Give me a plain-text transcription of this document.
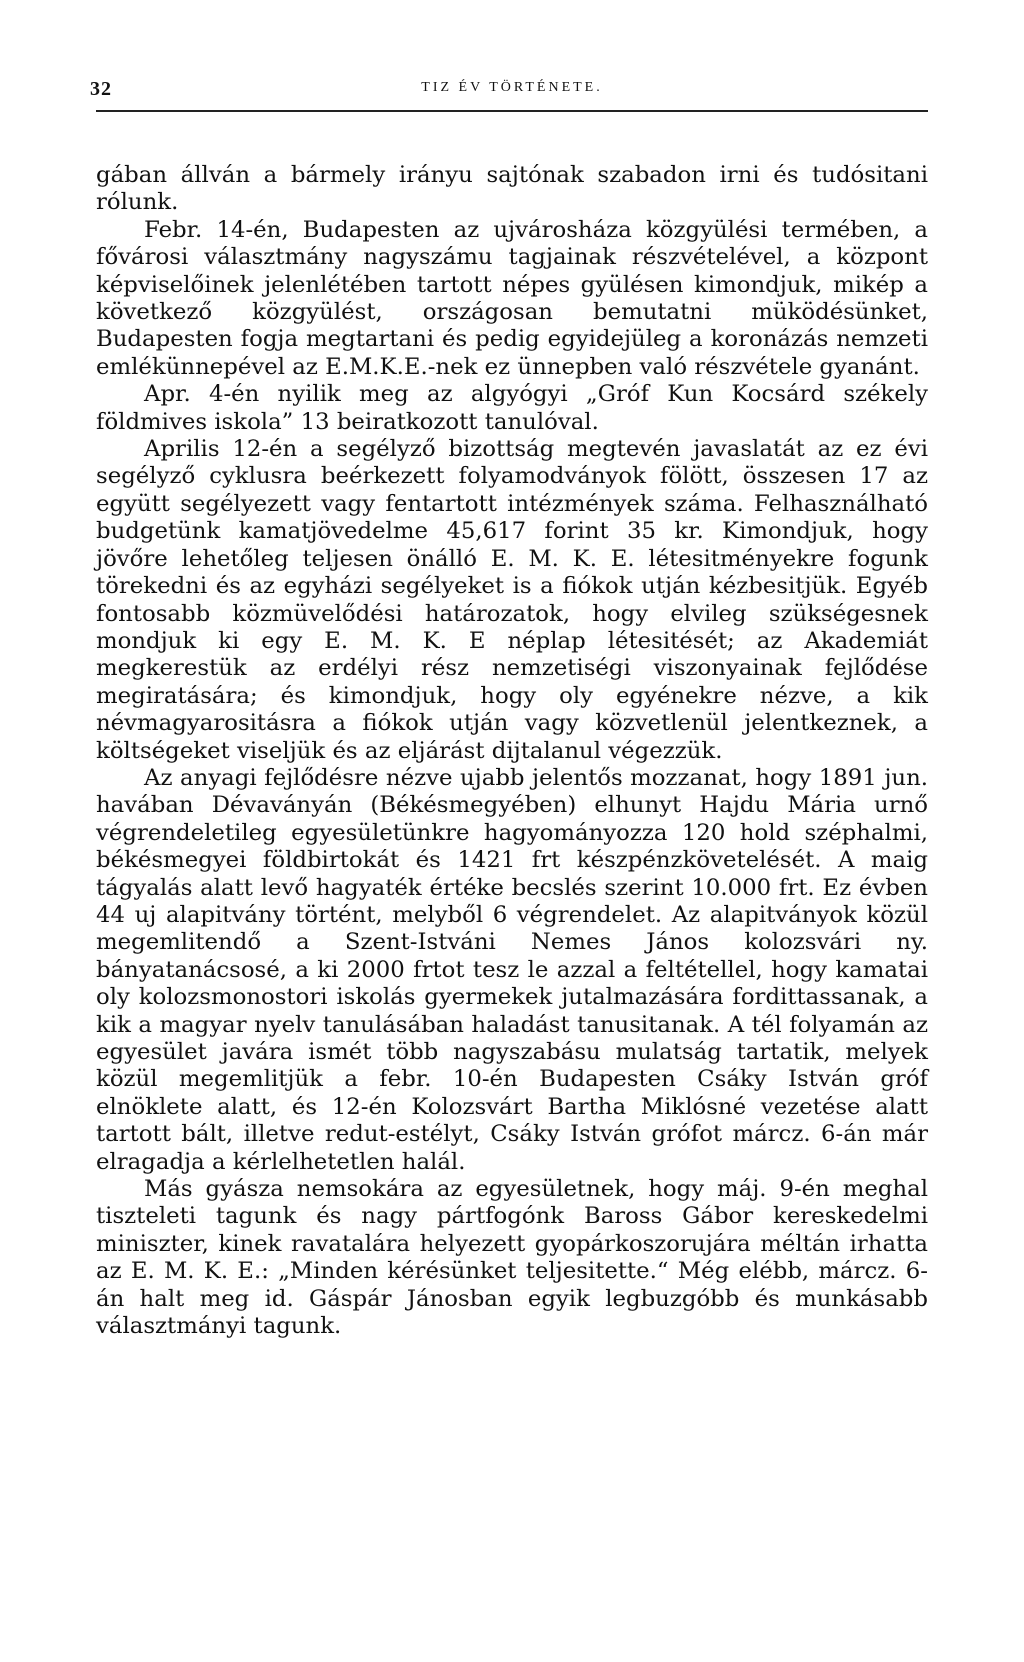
32	TIZ ÉV TÖRTÉNETE.

gában állván a bármely irányu sajtónak szabadon irni és tudósitani rólunk.

Febr. 14-én, Budapesten az ujvárosháza közgyülési termében, a fővárosi választmány nagyszámu tagjainak részvételével, a központ képviselőinek jelenlétében tartott népes gyülésen kimondjuk, mikép a következő közgyülést, országosan bemutatni müködésünket, Budapesten fogja megtartani és pedig egyidejüleg a koronázás nemzeti emlékünnepével az E.M.K.E.-nek ez ünnepben való részvétele gyanánt.

Apr. 4-én nyilik meg az algyógyi „Gróf Kun Kocsárd székely földmives iskola” 13 beiratkozott tanulóval.

Aprilis 12-én a segélyző bizottság megtevén javaslatát az ez évi segélyző cyklusra beérkezett folyamodványok fölött, összesen 17 az együtt segélyezett vagy fentartott intézmények száma. Felhasználható budgetünk kamatjövedelme 45,617 forint 35 kr. Kimondjuk, hogy jövőre lehetőleg teljesen önálló E. M. K. E. létesitményekre fogunk törekedni és az egyházi segélyeket is a fiókok utján kézbesitjük. Egyéb fontosabb közmüvelődési határozatok, hogy elvileg szükségesnek mondjuk ki egy E. M. K. E néplap létesitését; az Akademiát megkerestük az erdélyi rész nemzetiségi viszonyainak fejlődése megiratására; és kimondjuk, hogy oly egyénekre nézve, a kik névmagyarositásra a fiókok utján vagy közvetlenül jelentkeznek, a költségeket viseljük és az eljárást dijtalanul végezzük.

Az anyagi fejlődésre nézve ujabb jelentős mozzanat, hogy 1891 jun. havában Dévaványán (Békésmegyében) elhunyt Hajdu Mária urnő végrendeletileg egyesületünkre hagyományozza 120 hold széphalmi, békésmegyei földbirtokát és 1421 frt készpénzkövetelését. A maig tágyalás alatt levő hagyaték értéke becslés szerint 10.000 frt. Ez évben 44 uj alapitvány történt, melyből 6 végrendelet. Az alapitványok közül megemlitendő a Szent-Istváni Nemes János kolozsvári ny. bányatanácsosé, a ki 2000 frtot tesz le azzal a feltétellel, hogy kamatai oly kolozsmonostori iskolás gyermekek jutalmazására fordittassanak, a kik a magyar nyelv tanulásában haladást tanusitanak. A tél folyamán az egyesület javára ismét több nagyszabásu mulatság tartatik, melyek közül megemlitjük a febr. 10-én Budapesten Csáky István gróf elnöklete alatt, és 12-én Kolozsvárt Bartha Miklósné vezetése alatt tartott bált, illetve redut-estélyt, Csáky István grófot márcz. 6-án már elragadja a kérlelhetetlen halál.

Más gyásza nemsokára az egyesületnek, hogy máj. 9-én meghal tiszteleti tagunk és nagy pártfogónk Baross Gábor kereskedelmi miniszter, kinek ravatalára helyezett gyopárkoszorujára méltán irhatta az E. M. K. E.: „Minden kérésünket teljesitette.“ Még elébb, márcz. 6-án halt meg id. Gáspár Jánosban egyik legbuzgóbb és munkásabb választmányi tagunk.
